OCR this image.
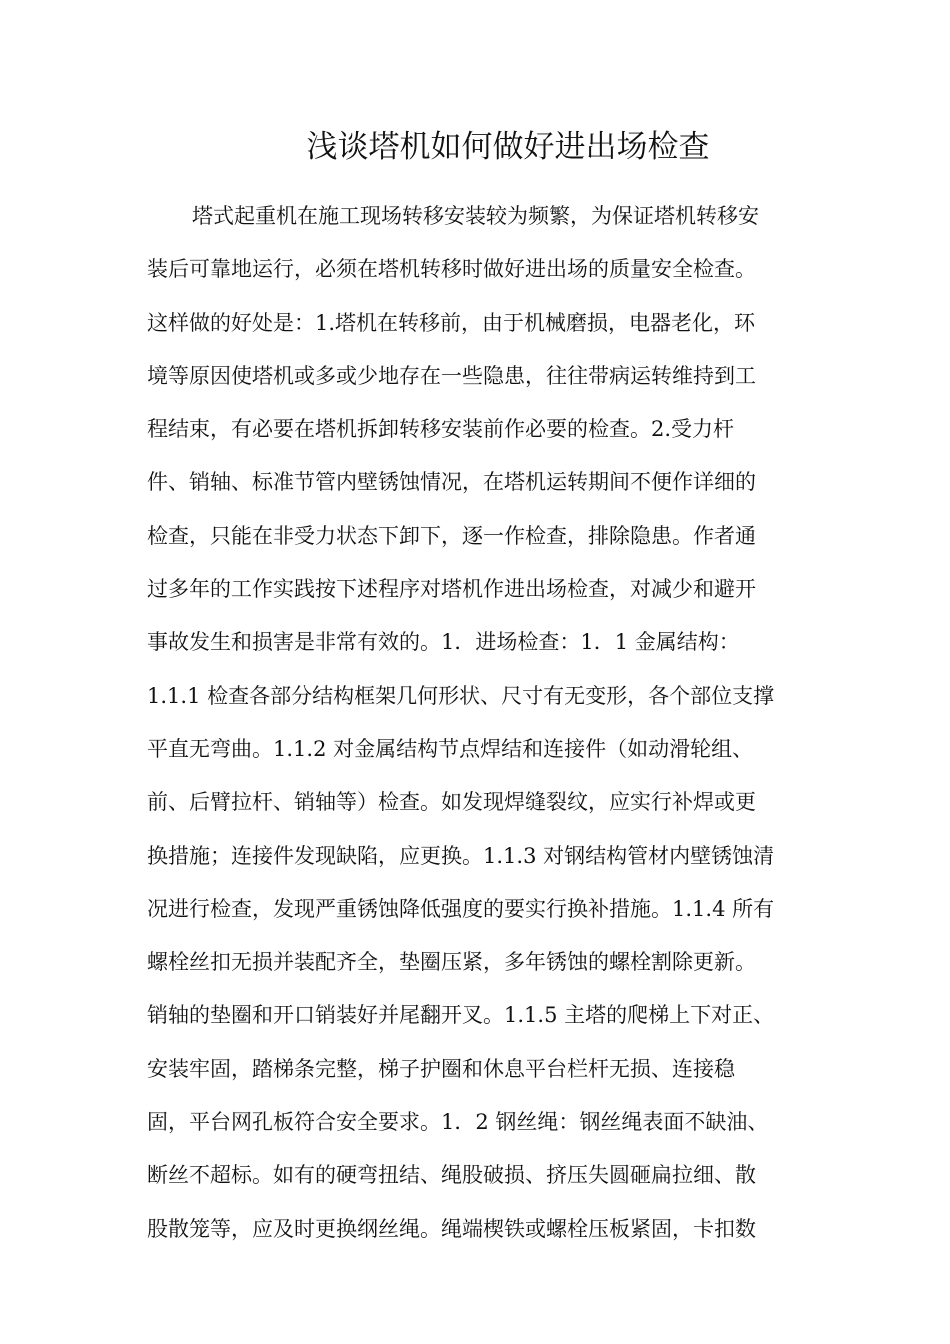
浅谈塔机如何做好进出场检查
塔式起重机在施工现场转移安装较为频繁，为保证塔机转移安
装后可靠地运行，必须在塔机转移时做好进出场的质量安全检查。
这样做的好处是：1.塔机在转移前，由于机械磨损，电器老化，环
境等原因使塔机或多或少地存在一些隐患，往往带病运转维持到工
程结束，有必要在塔机拆卸转移安装前作必要的检查。2.受力杆
件、销轴、标准节管内壁锈蚀情况，在塔机运转期间不便作详细的
检查，只能在非受力状态下卸下，逐一作检查，排除隐患。作者通
过多年的工作实践按下述程序对塔机作进出场检查，对减少和避开
事故发生和损害是非常有效的。1．进场检查：1．1 金属结构：
1.1.1 检查各部分结构框架几何形状、尺寸有无变形，各个部位支撑
平直无弯曲。1.1.2 对金属结构节点焊结和连接件（如动滑轮组、
前、后臂拉杆、销轴等）检查。如发现焊缝裂纹，应实行补焊或更
换措施；连接件发现缺陷，应更换。1.1.3 对钢结构管材内壁锈蚀清
况进行检查，发现严重锈蚀降低强度的要实行换补措施。1.1.4 所有
螺栓丝扣无损并装配齐全，垫圈压紧，多年锈蚀的螺栓割除更新。
销轴的垫圈和开口销装好并尾翻开叉。1.1.5 主塔的爬梯上下对正、
安装牢固，踏梯条完整，梯子护圈和休息平台栏杆无损、连接稳
固，平台网孔板符合安全要求。1．2 钢丝绳：钢丝绳表面不缺油、
断丝不超标。如有的硬弯扭结、绳股破损、挤压失圆砸扁拉细、散
股散笼等，应及时更换纲丝绳。绳端楔铁或螺栓压板紧固，卡扣数
